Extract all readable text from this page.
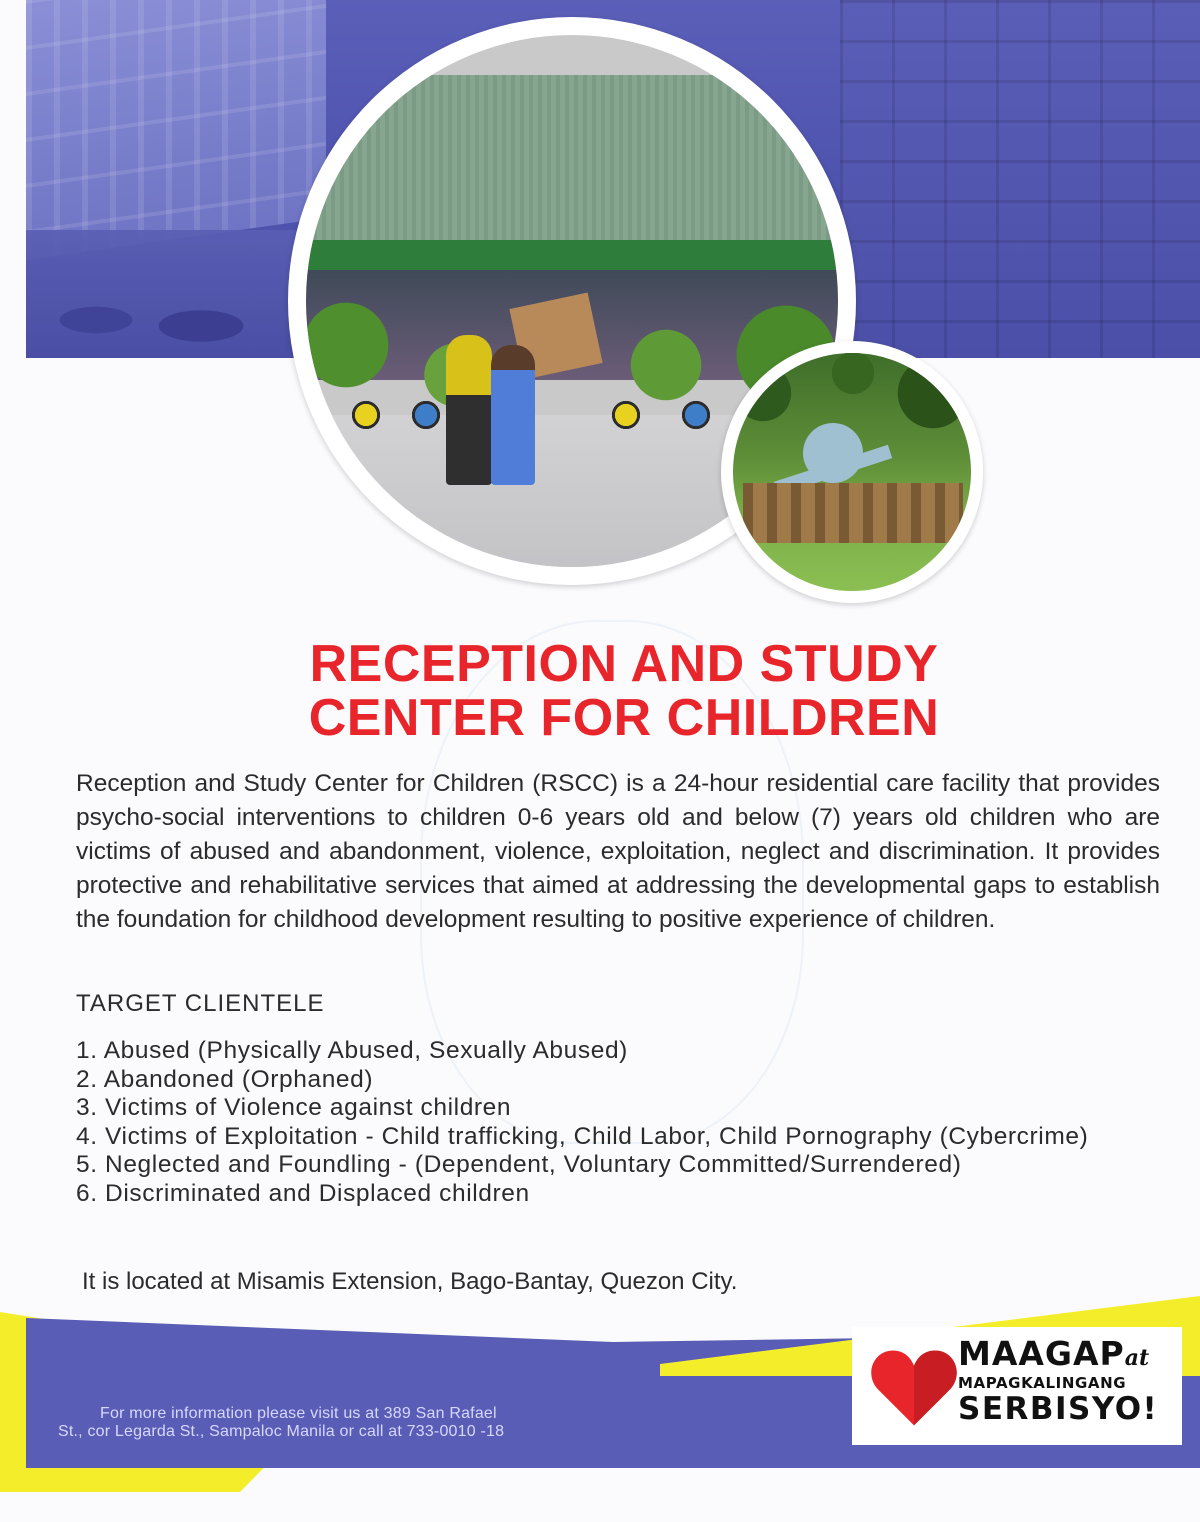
RECEPTION AND STUDY
CENTER FOR CHILDREN

Reception and Study Center for Children (RSCC) is a 24-hour residential care facility that provides psycho-social interventions to children 0-6 years old and below (7) years old children who are victims of abused and abandonment, violence, exploitation, neglect and discrimination. It provides protective and rehabilitative services that aimed at addressing the developmental gaps to establish the foundation for childhood development resulting to positive experience of children.

TARGET CLIENTELE
1. Abused (Physically Abused, Sexually Abused)
2. Abandoned (Orphaned)
3. Victims of Violence against children
4. Victims of Exploitation - Child trafficking, Child Labor, Child Pornography (Cybercrime)
5. Neglected and Foundling - (Dependent, Voluntary Committed/Surrendered)
6. Discriminated and Displaced children

It is located at Misamis Extension, Bago-Bantay, Quezon City.

For more information please visit us at 389 San Rafael
St., cor Legarda St., Sampaloc Manila or call at 733-0010 -18

MAAGAPat
MAPAGKALINGANG
SERBISYO!
